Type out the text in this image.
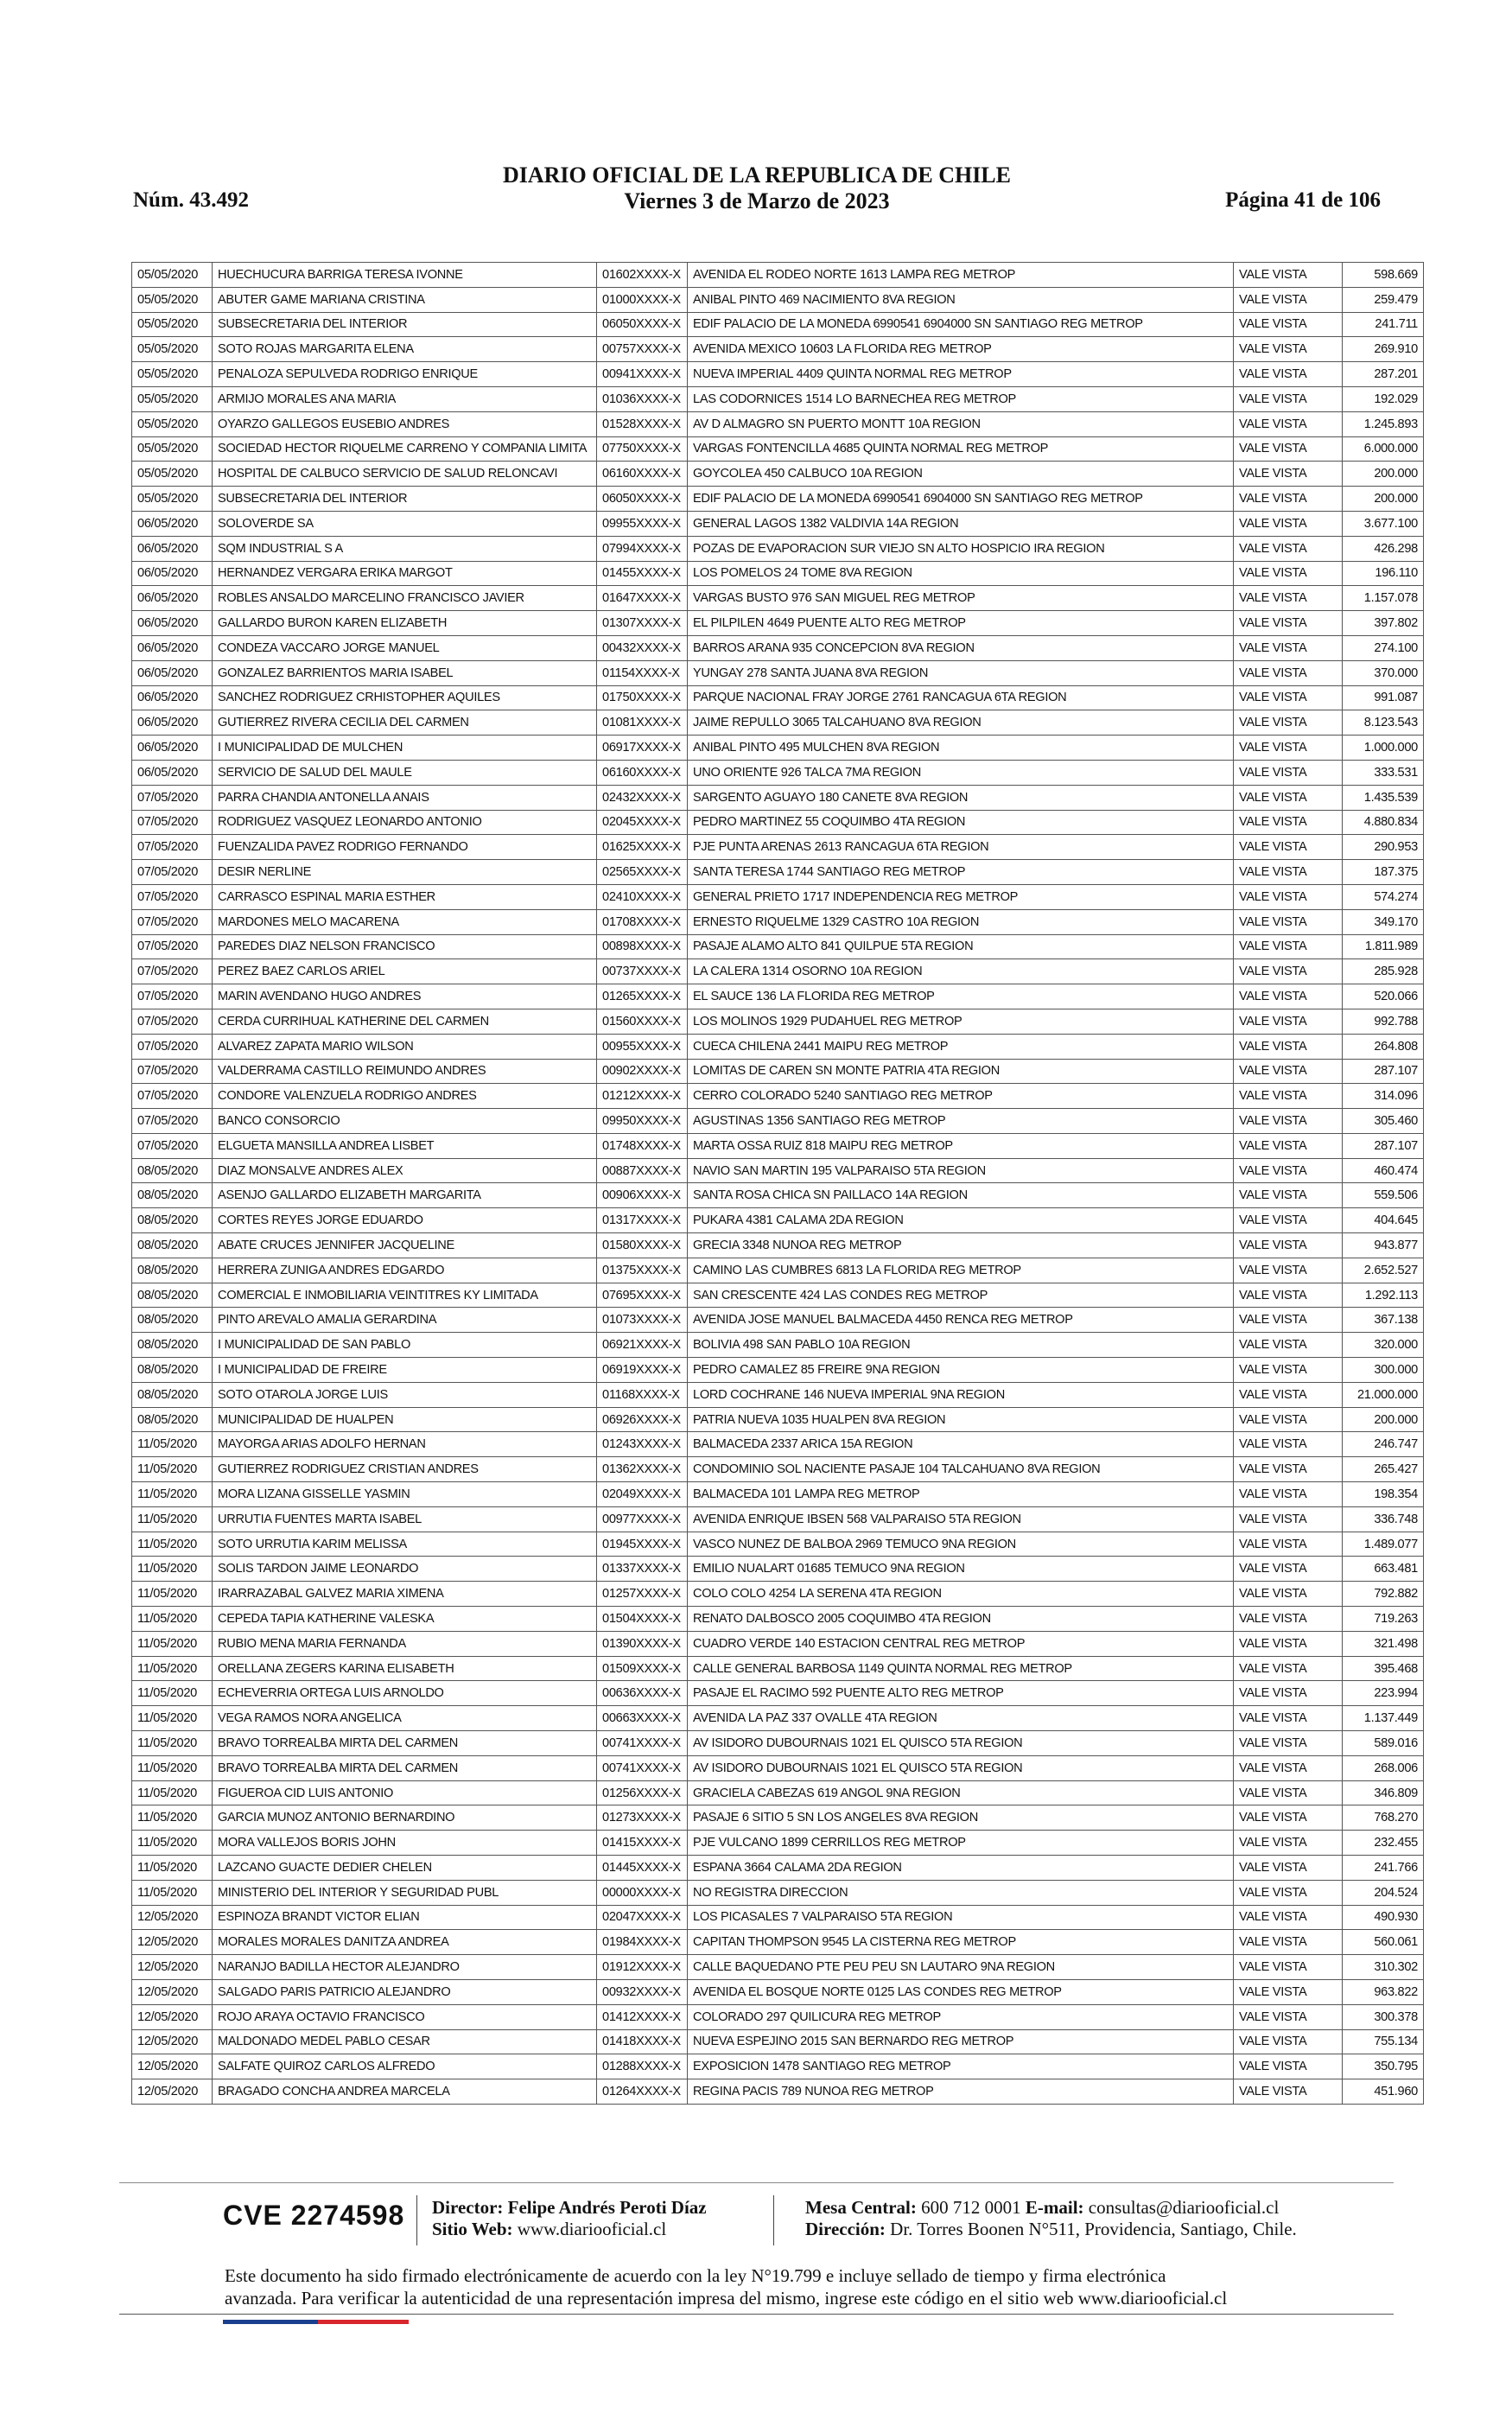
Núm. 43.492
DIARIO OFICIAL DE LA REPUBLICA DE CHILE
Viernes 3 de Marzo de 2023	Página 41 de 106
05/05/2020	HUECHUCURA BARRIGA TERESA IVONNE	01602XXXX-X	AVENIDA EL RODEO NORTE 1613 LAMPA REG METROP	VALE VISTA	598.669
05/05/2020	ABUTER GAME MARIANA CRISTINA	01000XXXX-X	ANIBAL PINTO 469 NACIMIENTO 8VA REGION	VALE VISTA	259.479
05/05/2020	SUBSECRETARIA DEL INTERIOR	06050XXXX-X	EDIF PALACIO DE LA MONEDA 6990541 6904000 SN SANTIAGO REG METROP	VALE VISTA	241.711
05/05/2020	SOTO ROJAS MARGARITA ELENA	00757XXXX-X	AVENIDA MEXICO 10603 LA FLORIDA REG METROP	VALE VISTA	269.910
05/05/2020	PENALOZA SEPULVEDA RODRIGO ENRIQUE	00941XXXX-X	NUEVA IMPERIAL 4409 QUINTA NORMAL REG METROP	VALE VISTA	287.201
05/05/2020	ARMIJO MORALES ANA MARIA	01036XXXX-X	LAS CODORNICES 1514 LO BARNECHEA REG METROP	VALE VISTA	192.029
05/05/2020	OYARZO GALLEGOS EUSEBIO ANDRES	01528XXXX-X	AV D ALMAGRO SN PUERTO MONTT 10A REGION	VALE VISTA	1.245.893
05/05/2020	SOCIEDAD HECTOR RIQUELME CARRENO Y COMPANIA LIMITA	07750XXXX-X	VARGAS FONTENCILLA 4685 QUINTA NORMAL REG METROP	VALE VISTA	6.000.000
05/05/2020	HOSPITAL DE CALBUCO SERVICIO DE SALUD RELONCAVI	06160XXXX-X	GOYCOLEA 450 CALBUCO 10A REGION	VALE VISTA	200.000
05/05/2020	SUBSECRETARIA DEL INTERIOR	06050XXXX-X	EDIF PALACIO DE LA MONEDA 6990541 6904000 SN SANTIAGO REG METROP	VALE VISTA	200.000
06/05/2020	SOLOVERDE SA	09955XXXX-X	GENERAL LAGOS 1382 VALDIVIA 14A REGION	VALE VISTA	3.677.100
06/05/2020	SQM INDUSTRIAL S A	07994XXXX-X	POZAS DE EVAPORACION SUR VIEJO SN ALTO HOSPICIO IRA REGION	VALE VISTA	426.298
06/05/2020	HERNANDEZ VERGARA ERIKA MARGOT	01455XXXX-X	LOS POMELOS 24 TOME 8VA REGION	VALE VISTA	196.110
06/05/2020	ROBLES ANSALDO MARCELINO FRANCISCO JAVIER	01647XXXX-X	VARGAS BUSTO 976 SAN MIGUEL REG METROP	VALE VISTA	1.157.078
06/05/2020	GALLARDO BURON KAREN ELIZABETH	01307XXXX-X	EL PILPILEN 4649 PUENTE ALTO REG METROP	VALE VISTA	397.802
06/05/2020	CONDEZA VACCARO JORGE MANUEL	00432XXXX-X	BARROS ARANA 935 CONCEPCION 8VA REGION	VALE VISTA	274.100
06/05/2020	GONZALEZ BARRIENTOS MARIA ISABEL	01154XXXX-X	YUNGAY 278 SANTA JUANA 8VA REGION	VALE VISTA	370.000
06/05/2020	SANCHEZ RODRIGUEZ CRHISTOPHER AQUILES	01750XXXX-X	PARQUE NACIONAL FRAY JORGE 2761 RANCAGUA 6TA REGION	VALE VISTA	991.087
06/05/2020	GUTIERREZ RIVERA CECILIA DEL CARMEN	01081XXXX-X	JAIME REPULLO 3065 TALCAHUANO 8VA REGION	VALE VISTA	8.123.543
06/05/2020	I MUNICIPALIDAD DE MULCHEN	06917XXXX-X	ANIBAL PINTO 495 MULCHEN 8VA REGION	VALE VISTA	1.000.000
06/05/2020	SERVICIO DE SALUD DEL MAULE	06160XXXX-X	UNO ORIENTE 926 TALCA 7MA REGION	VALE VISTA	333.531
07/05/2020	PARRA CHANDIA ANTONELLA ANAIS	02432XXXX-X	SARGENTO AGUAYO 180 CANETE 8VA REGION	VALE VISTA	1.435.539
07/05/2020	RODRIGUEZ VASQUEZ LEONARDO ANTONIO	02045XXXX-X	PEDRO MARTINEZ 55 COQUIMBO 4TA REGION	VALE VISTA	4.880.834
07/05/2020	FUENZALIDA PAVEZ RODRIGO FERNANDO	01625XXXX-X	PJE PUNTA ARENAS 2613 RANCAGUA 6TA REGION	VALE VISTA	290.953
07/05/2020	DESIR NERLINE	02565XXXX-X	SANTA TERESA 1744 SANTIAGO REG METROP	VALE VISTA	187.375
07/05/2020	CARRASCO ESPINAL MARIA ESTHER	02410XXXX-X	GENERAL PRIETO 1717 INDEPENDENCIA REG METROP	VALE VISTA	574.274
07/05/2020	MARDONES MELO MACARENA	01708XXXX-X	ERNESTO RIQUELME 1329 CASTRO 10A REGION	VALE VISTA	349.170
07/05/2020	PAREDES DIAZ NELSON FRANCISCO	00898XXXX-X	PASAJE ALAMO ALTO 841 QUILPUE 5TA REGION	VALE VISTA	1.811.989
07/05/2020	PEREZ BAEZ CARLOS ARIEL	00737XXXX-X	LA CALERA 1314 OSORNO 10A REGION	VALE VISTA	285.928
07/05/2020	MARIN AVENDANO HUGO ANDRES	01265XXXX-X	EL SAUCE 136 LA FLORIDA REG METROP	VALE VISTA	520.066
07/05/2020	CERDA CURRIHUAL KATHERINE DEL CARMEN	01560XXXX-X	LOS MOLINOS 1929 PUDAHUEL REG METROP	VALE VISTA	992.788
07/05/2020	ALVAREZ ZAPATA MARIO WILSON	00955XXXX-X	CUECA CHILENA 2441 MAIPU REG METROP	VALE VISTA	264.808
07/05/2020	VALDERRAMA CASTILLO REIMUNDO ANDRES	00902XXXX-X	LOMITAS DE CAREN SN MONTE PATRIA 4TA REGION	VALE VISTA	287.107
07/05/2020	CONDORE VALENZUELA RODRIGO ANDRES	01212XXXX-X	CERRO COLORADO 5240 SANTIAGO REG METROP	VALE VISTA	314.096
07/05/2020	BANCO CONSORCIO	09950XXXX-X	AGUSTINAS 1356 SANTIAGO REG METROP	VALE VISTA	305.460
07/05/2020	ELGUETA MANSILLA ANDREA LISBET	01748XXXX-X	MARTA OSSA RUIZ 818 MAIPU REG METROP	VALE VISTA	287.107
08/05/2020	DIAZ MONSALVE ANDRES ALEX	00887XXXX-X	NAVIO SAN MARTIN 195 VALPARAISO 5TA REGION	VALE VISTA	460.474
08/05/2020	ASENJO GALLARDO ELIZABETH MARGARITA	00906XXXX-X	SANTA ROSA CHICA SN PAILLACO 14A REGION	VALE VISTA	559.506
08/05/2020	CORTES REYES JORGE EDUARDO	01317XXXX-X	PUKARA 4381 CALAMA 2DA REGION	VALE VISTA	404.645
08/05/2020	ABATE CRUCES JENNIFER JACQUELINE	01580XXXX-X	GRECIA 3348 NUNOA REG METROP	VALE VISTA	943.877
08/05/2020	HERRERA ZUNIGA ANDRES EDGARDO	01375XXXX-X	CAMINO LAS CUMBRES 6813 LA FLORIDA REG METROP	VALE VISTA	2.652.527
08/05/2020	COMERCIAL E INMOBILIARIA VEINTITRES KY LIMITADA	07695XXXX-X	SAN CRESCENTE 424 LAS CONDES REG METROP	VALE VISTA	1.292.113
08/05/2020	PINTO AREVALO AMALIA GERARDINA	01073XXXX-X	AVENIDA JOSE MANUEL BALMACEDA 4450 RENCA REG METROP	VALE VISTA	367.138
08/05/2020	I MUNICIPALIDAD DE SAN PABLO	06921XXXX-X	BOLIVIA 498 SAN PABLO 10A REGION	VALE VISTA	320.000
08/05/2020	I MUNICIPALIDAD DE FREIRE	06919XXXX-X	PEDRO CAMALEZ 85 FREIRE 9NA REGION	VALE VISTA	300.000
08/05/2020	SOTO OTAROLA JORGE LUIS	01168XXXX-X	LORD COCHRANE 146 NUEVA IMPERIAL 9NA REGION	VALE VISTA	21.000.000
08/05/2020	MUNICIPALIDAD DE HUALPEN	06926XXXX-X	PATRIA NUEVA 1035 HUALPEN 8VA REGION	VALE VISTA	200.000
11/05/2020	MAYORGA ARIAS ADOLFO HERNAN	01243XXXX-X	BALMACEDA 2337 ARICA 15A REGION	VALE VISTA	246.747
11/05/2020	GUTIERREZ RODRIGUEZ CRISTIAN ANDRES	01362XXXX-X	CONDOMINIO SOL NACIENTE PASAJE 104 TALCAHUANO 8VA REGION	VALE VISTA	265.427
11/05/2020	MORA LIZANA GISSELLE YASMIN	02049XXXX-X	BALMACEDA 101 LAMPA REG METROP	VALE VISTA	198.354
11/05/2020	URRUTIA FUENTES MARTA ISABEL	00977XXXX-X	AVENIDA ENRIQUE IBSEN 568 VALPARAISO 5TA REGION	VALE VISTA	336.748
11/05/2020	SOTO URRUTIA KARIM MELISSA	01945XXXX-X	VASCO NUNEZ DE BALBOA 2969 TEMUCO 9NA REGION	VALE VISTA	1.489.077
11/05/2020	SOLIS TARDON JAIME LEONARDO	01337XXXX-X	EMILIO NUALART 01685 TEMUCO 9NA REGION	VALE VISTA	663.481
11/05/2020	IRARRAZABAL GALVEZ MARIA XIMENA	01257XXXX-X	COLO COLO 4254 LA SERENA 4TA REGION	VALE VISTA	792.882
11/05/2020	CEPEDA TAPIA KATHERINE VALESKA	01504XXXX-X	RENATO DALBOSCO 2005 COQUIMBO 4TA REGION	VALE VISTA	719.263
11/05/2020	RUBIO MENA MARIA FERNANDA	01390XXXX-X	CUADRO VERDE 140 ESTACION CENTRAL REG METROP	VALE VISTA	321.498
11/05/2020	ORELLANA ZEGERS KARINA ELISABETH	01509XXXX-X	CALLE GENERAL BARBOSA 1149 QUINTA NORMAL REG METROP	VALE VISTA	395.468
11/05/2020	ECHEVERRIA ORTEGA LUIS ARNOLDO	00636XXXX-X	PASAJE EL RACIMO 592 PUENTE ALTO REG METROP	VALE VISTA	223.994
11/05/2020	VEGA RAMOS NORA ANGELICA	00663XXXX-X	AVENIDA LA PAZ 337 OVALLE 4TA REGION	VALE VISTA	1.137.449
11/05/2020	BRAVO TORREALBA MIRTA DEL CARMEN	00741XXXX-X	AV ISIDORO DUBOURNAIS 1021 EL QUISCO 5TA REGION	VALE VISTA	589.016
11/05/2020	BRAVO TORREALBA MIRTA DEL CARMEN	00741XXXX-X	AV ISIDORO DUBOURNAIS 1021 EL QUISCO 5TA REGION	VALE VISTA	268.006
11/05/2020	FIGUEROA CID LUIS ANTONIO	01256XXXX-X	GRACIELA CABEZAS 619 ANGOL 9NA REGION	VALE VISTA	346.809
11/05/2020	GARCIA MUNOZ ANTONIO BERNARDINO	01273XXXX-X	PASAJE 6 SITIO 5 SN LOS ANGELES 8VA REGION	VALE VISTA	768.270
11/05/2020	MORA VALLEJOS BORIS JOHN	01415XXXX-X	PJE VULCANO 1899 CERRILLOS REG METROP	VALE VISTA	232.455
11/05/2020	LAZCANO GUACTE DEDIER CHELEN	01445XXXX-X	ESPANA 3664 CALAMA 2DA REGION	VALE VISTA	241.766
11/05/2020	MINISTERIO DEL INTERIOR Y SEGURIDAD PUBL	00000XXXX-X	NO REGISTRA DIRECCION	VALE VISTA	204.524
12/05/2020	ESPINOZA BRANDT VICTOR ELIAN	02047XXXX-X	LOS PICASALES 7 VALPARAISO 5TA REGION	VALE VISTA	490.930
12/05/2020	MORALES MORALES DANITZA ANDREA	01984XXXX-X	CAPITAN THOMPSON 9545 LA CISTERNA REG METROP	VALE VISTA	560.061
12/05/2020	NARANJO BADILLA HECTOR ALEJANDRO	01912XXXX-X	CALLE BAQUEDANO PTE PEU PEU SN LAUTARO 9NA REGION	VALE VISTA	310.302
12/05/2020	SALGADO PARIS PATRICIO ALEJANDRO	00932XXXX-X	AVENIDA EL BOSQUE NORTE 0125 LAS CONDES REG METROP	VALE VISTA	963.822
12/05/2020	ROJO ARAYA OCTAVIO FRANCISCO	01412XXXX-X	COLORADO 297 QUILICURA REG METROP	VALE VISTA	300.378
12/05/2020	MALDONADO MEDEL PABLO CESAR	01418XXXX-X	NUEVA ESPEJINO 2015 SAN BERNARDO REG METROP	VALE VISTA	755.134
12/05/2020	SALFATE QUIROZ CARLOS ALFREDO	01288XXXX-X	EXPOSICION 1478 SANTIAGO REG METROP	VALE VISTA	350.795
12/05/2020	BRAGADO CONCHA ANDREA MARCELA	01264XXXX-X	REGINA PACIS 789 NUNOA REG METROP	VALE VISTA	451.960
CVE 2274598 Director: Felipe Andrés Peroti Díaz
Sitio Web: www.diariooficial.cl
Mesa Central: 600 712 0001 E-mail: consultas@diariooficial.cl
Dirección: Dr. Torres Boonen N°511, Providencia, Santiago, Chile.
Este documento ha sido firmado electrónicamente de acuerdo con la ley N°19.799 e incluye sellado de tiempo y firma electrónica
avanzada. Para verificar la autenticidad de una representación impresa del mismo, ingrese este código en el sitio web www.diariooficial.cl
